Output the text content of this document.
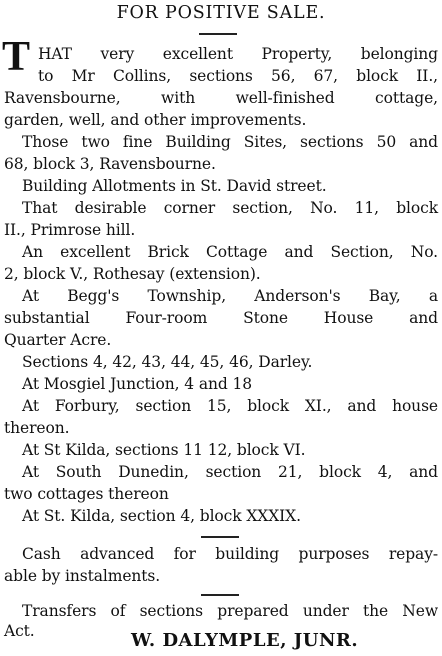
FOR POSITIVE SALE.
T HAT very excellent Property, belonging
to Mr Collins, sections 56, 67, block II.,
Ravensbourne, with well-finished cottage,
garden, well, and other improvements.
Those two fine Building Sites, sections 50 and
68, block 3, Ravensbourne.
Building Allotments in St. David street.
That desirable corner section, No. 11, block
II., Primrose hill.
An excellent Brick Cottage and Section, No.
2, block V., Rothesay (extension).
At Begg's Township, Anderson's Bay, a
substantial Four-room Stone House and
Quarter Acre.
Sections 4, 42, 43, 44, 45, 46, Darley.
At Mosgiel Junction, 4 and 18
At Forbury, section 15, block XI., and house
thereon.
At St Kilda, sections 11 12, block VI.
At South Dunedin, section 21, block 4, and
two cottages thereon
At St. Kilda, section 4, block XXXIX.
Cash advanced for building purposes repay-
able by instalments.
Transfers of sections prepared under the New
Act.	W. DALYMPLE, JUNR.
